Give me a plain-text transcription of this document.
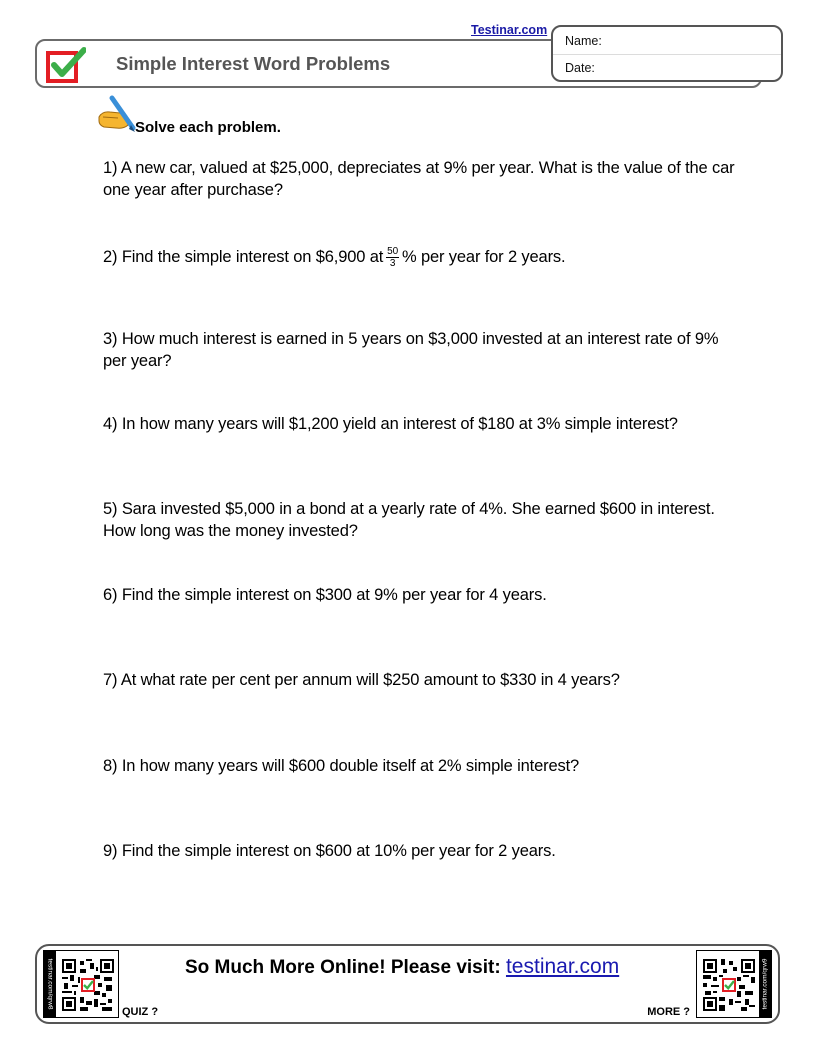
Simple Interest Word Problems
Testinar.com
Name:
Date:
Solve each problem.
1) A new car, valued at $25,000, depreciates at 9% per year. What is the value of the car one year after purchase?
2) Find the simple interest on $6,900 at $\frac{50}{3}$ % per year for 2 years.
3) How much interest is earned in 5 years on $3,000 invested at an interest rate of 9% per year?
4) In how many years will $1,200 yield an interest of $180 at 3% simple interest?
5) Sara invested $5,000 in a bond at a yearly rate of 4%. She earned $600 in interest. How long was the money invested?
6) Find the simple interest on $300 at 9% per year for 4 years.
7) At what rate per cent per annum will $250 amount to $330 in 4 years?
8) In how many years will $600 double itself at 2% simple interest?
9) Find the simple interest on $600 at 10% per year for 2 years.
testinar.com/qrw8
QUIZ ?
So Much More Online! Please visit: testinar.com
MORE ?
testinar.com/qrw9
